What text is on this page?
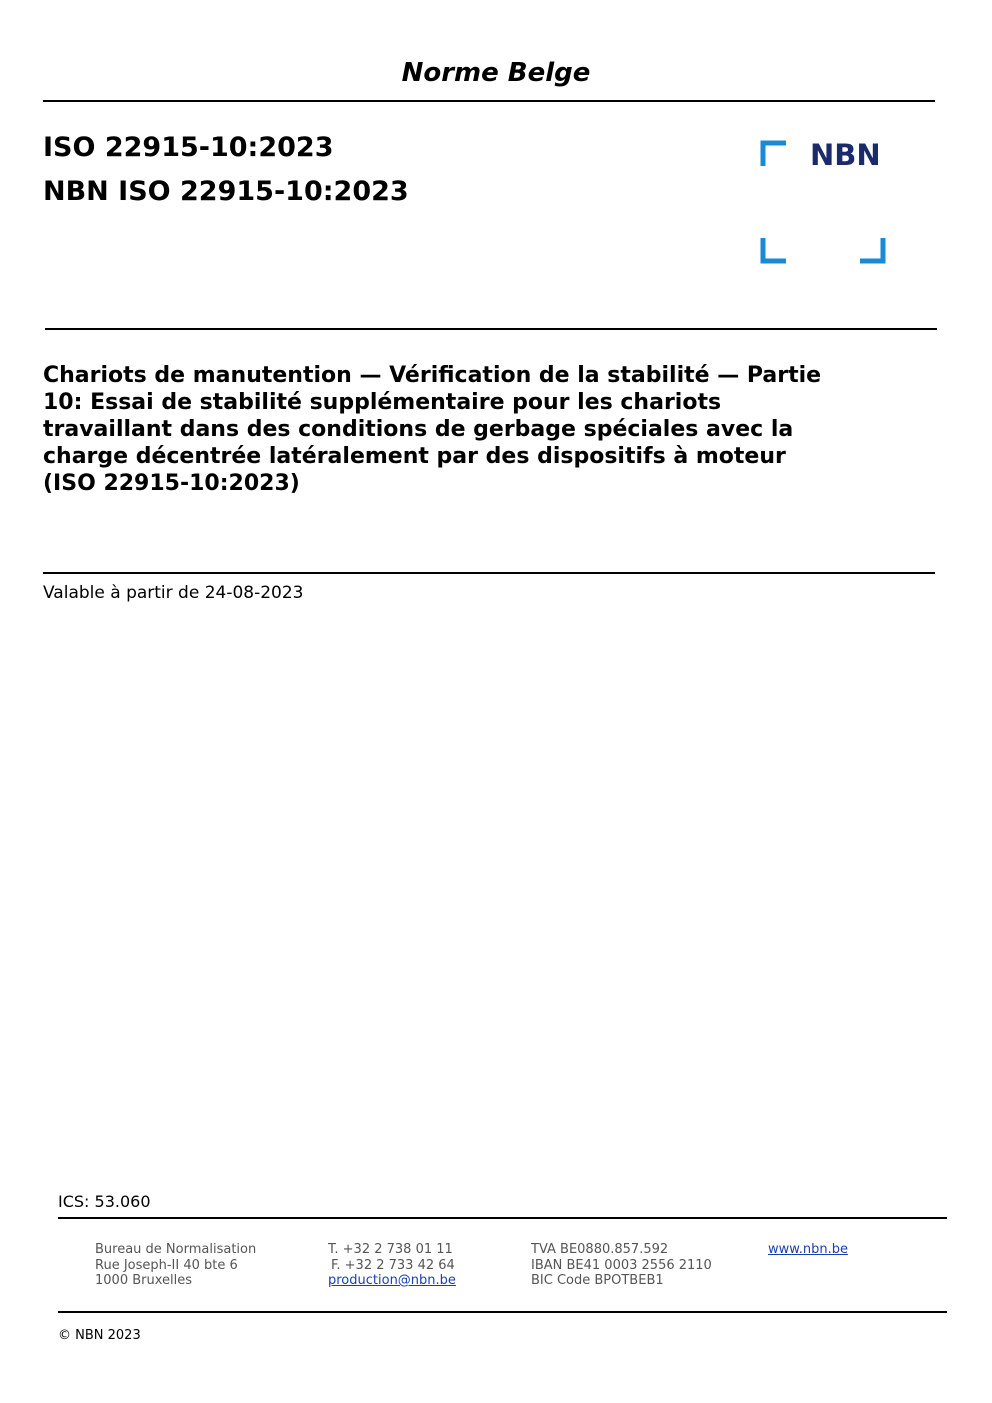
Norme Belge
ISO 22915-10:2023
NBN ISO 22915-10:2023
NBN
Chariots de manutention — Vérification de la stabilité — Partie
10: Essai de stabilité supplémentaire pour les chariots
travaillant dans des conditions de gerbage spéciales avec la
charge décentrée latéralement par des dispositifs à moteur
(ISO 22915-10:2023)
Valable à partir de 24-08-2023
ICS: 53.060
Bureau de Normalisation
Rue Joseph-II 40 bte 6
1000 Bruxelles
T. +32 2 738 01 11
F. +32 2 733 42 64
production@nbn.be
TVA BE0880.857.592
IBAN BE41 0003 2556 2110
BIC Code BPOTBEB1
www.nbn.be
© NBN 2023
